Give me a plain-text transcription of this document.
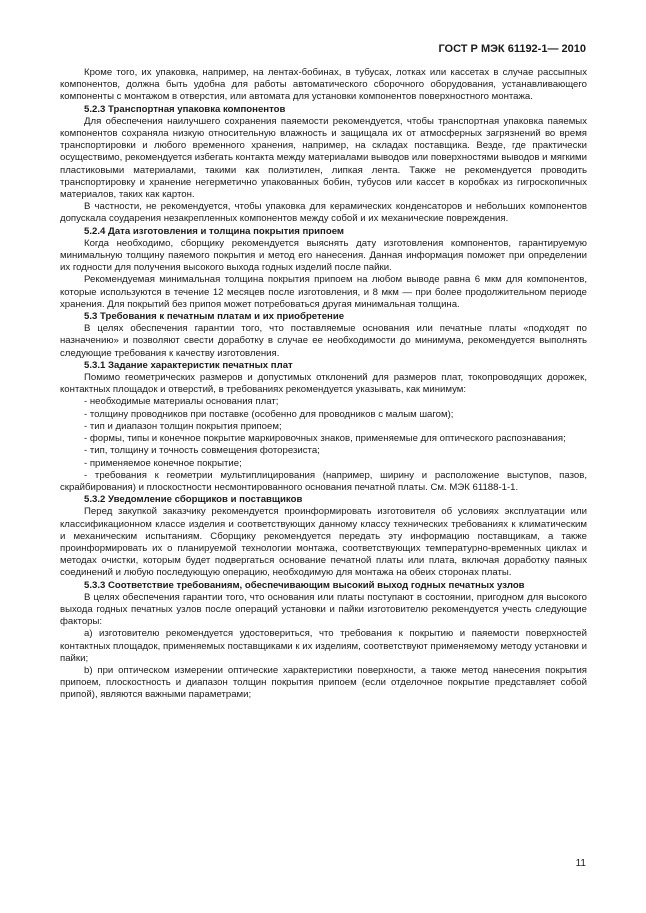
ГОСТ Р МЭК 61192-1— 2010

Кроме того, их упаковка, например, на лентах-бобинах, в тубусах, лотках или кассетах в случае рассыпных компонентов, должна быть удобна для работы автоматического сборочного оборудования, устанавливающего компоненты с монтажом в отверстия, или автомата для установки компонентов поверхностного монтажа.

5.2.3 Транспортная упаковка компонентов

Для обеспечения наилучшего сохранения паяемости рекомендуется, чтобы транспортная упаковка паяемых компонентов сохраняла низкую относительную влажность и защищала их от атмосферных загрязнений во время транспортировки и любого временного хранения, например, на складах поставщика. Везде, где практически осуществимо, рекомендуется избегать контакта между материалами выводов или поверхностями выводов и мягкими пластиковыми материалами, такими как полиэтилен, липкая лента. Также не рекомендуется проводить транспортировку и хранение негерметично упакованных бобин, тубусов или кассет в коробках из гигроскопичных материалов, таких как картон.

В частности, не рекомендуется, чтобы упаковка для керамических конденсаторов и небольших компонентов допускала соударения незакрепленных компонентов между собой и их механические повреждения.

5.2.4 Дата изготовления и толщина покрытия припоем

Когда необходимо, сборщику рекомендуется выяснять дату изготовления компонентов, гарантируемую минимальную толщину паяемого покрытия и метод его нанесения. Данная информация поможет при определении их годности для получения высокого выхода годных изделий после пайки.

Рекомендуемая минимальная толщина покрытия припоем на любом выводе равна 6 мкм для компонентов, которые используются в течение 12 месяцев после изготовления, и 8 мкм — при более продолжительном периоде хранения. Для покрытий без припоя может потребоваться другая минимальная толщина.

5.3 Требования к печатным платам и их приобретение

В целях обеспечения гарантии того, что поставляемые основания или печатные платы «подходят по назначению» и позволяют свести доработку в случае ее необходимости до минимума, рекомендуется выполнять следующие требования к качеству изготовления.

5.3.1 Задание характеристик печатных плат

Помимо геометрических размеров и допустимых отклонений для размеров плат, токопроводящих дорожек, контактных площадок и отверстий, в требованиях рекомендуется указывать, как минимум:

- необходимые материалы основания плат;

- толщину проводников при поставке (особенно для проводников с малым шагом);

- тип и диапазон толщин покрытия припоем;

- формы, типы и конечное покрытие маркировочных знаков, применяемые для оптического распознавания;

- тип, толщину и точность совмещения фоторезиста;

- применяемое конечное покрытие;

- требования к геометрии мультиплицирования (например, ширину и расположение выступов, пазов, скрайбирования) и плоскостности несмонтированного основания печатной платы. См. МЭК 61188-1-1.

5.3.2 Уведомление сборщиков и поставщиков

Перед закупкой заказчику рекомендуется проинформировать изготовителя об условиях эксплуатации или классификационном классе изделия и соответствующих данному классу технических требованиях к климатическим и механическим испытаниям. Сборщику рекомендуется передать эту информацию поставщикам, а также проинформировать их о планируемой технологии монтажа, соответствующих температурно-временных циклах и методах очистки, которым будет подвергаться основание печатной платы или плата, включая доработку паяных соединений и любую последующую операцию, необходимую для монтажа на обеих сторонах платы.

5.3.3 Соответствие требованиям, обеспечивающим высокий выход годных печатных узлов

В целях обеспечения гарантии того, что основания или платы поступают в состоянии, пригодном для высокого выхода годных печатных узлов после операций установки и пайки изготовителю рекомендуется учесть следующие факторы:

а) изготовителю рекомендуется удостовериться, что требования к покрытию и паяемости поверхностей контактных площадок, применяемых поставщиками к их изделиям, соответствуют применяемому методу установки и пайки;

b) при оптическом измерении оптические характеристики поверхности, а также метод нанесения покрытия припоем, плоскостность и диапазон толщин покрытия припоем (если отделочное покрытие представляет собой припой), являются важными параметрами;

11
